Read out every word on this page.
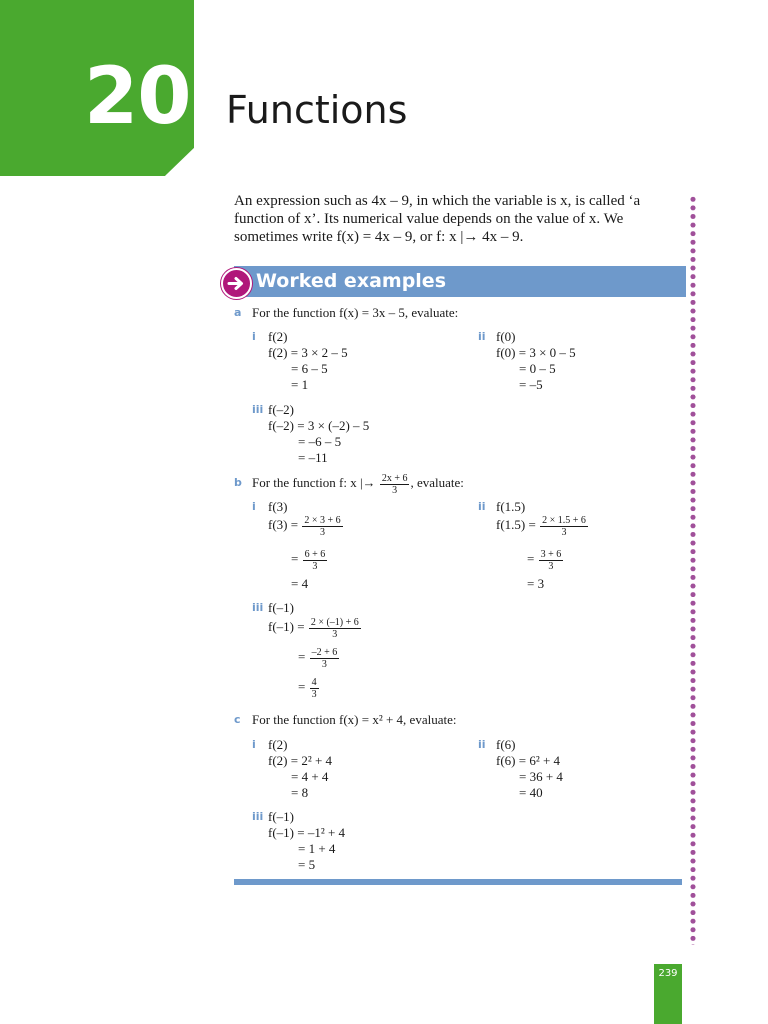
20 Functions
An expression such as 4x – 9, in which the variable is x, is called ‘a function of x’. Its numerical value depends on the value of x. We sometimes write f(x) = 4x – 9, or f: x |→ 4x – 9.
Worked examples
a For the function f(x) = 3x – 5, evaluate:
i f(2)
f(2) = 3 × 2 – 5
= 6 – 5
= 1
ii f(0)
f(0) = 3 × 0 – 5
= 0 – 5
= –5
iii f(–2)
f(–2) = 3 × (–2) – 5
= –6 – 5
= –11
b For the function f: x |→ $\frac{2x + 6}{3}$ , evaluate:
i f(3)
$f(3) = \frac{2 \times 3 + 6}{3}$
= $\frac{6 + 6}{3}$
= 4
ii f(1.5)
$f(1.5) = \frac{2 \times 1.5 + 6}{3}$
= $\frac{3 + 6}{3}$
= 3
iii f(–1)
$f(-1) = \frac{2 \times (-1) + 6}{3}$
= $\frac{-2 + 6}{3}$
= $\frac{4}{3}$
c For the function f(x) = x² + 4, evaluate:
i f(2)
f(2) = 2² + 4
= 4 + 4
= 8
ii f(6)
f(6) = 6² + 4
= 36 + 4
= 40
iii f(–1)
f(–1) = –1² + 4
= 1 + 4
= 5
239
